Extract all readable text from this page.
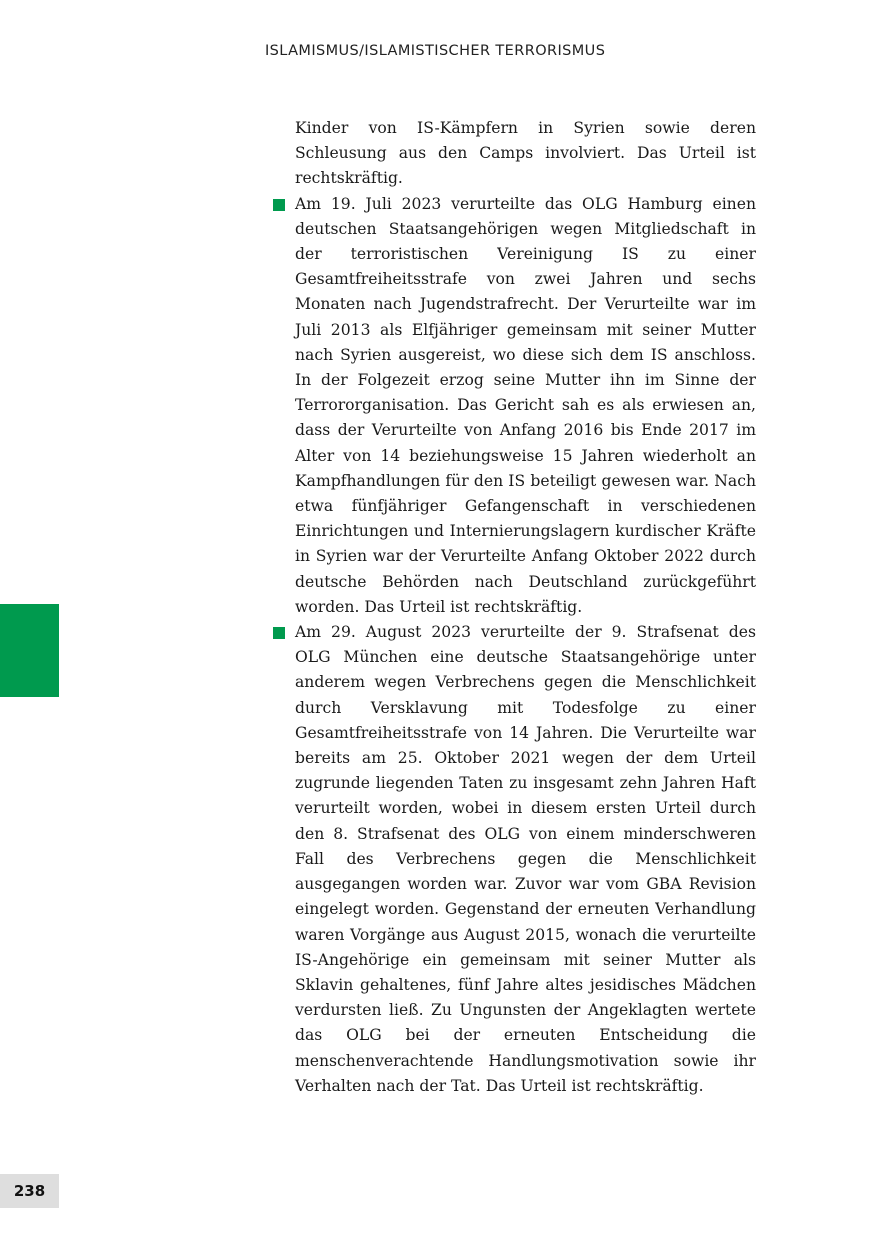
ISLAMISMUS/ISLAMISTISCHER TERRORISMUS

Kinder von IS-Kämpfern in Syrien sowie deren Schleusung aus den Camps involviert. Das Urteil ist rechtskräftig.

Am 19. Juli 2023 verurteilte das OLG Hamburg einen deutschen Staatsangehörigen wegen Mitgliedschaft in der terroristischen Vereinigung IS zu einer Gesamtfreiheitsstrafe von zwei Jahren und sechs Monaten nach Jugendstrafrecht. Der Verurteilte war im Juli 2013 als Elfjähriger gemeinsam mit seiner Mutter nach Syrien ausgereist, wo diese sich dem IS anschloss. In der Folgezeit erzog seine Mutter ihn im Sinne der Terrororganisation. Das Gericht sah es als erwiesen an, dass der Verurteilte von Anfang 2016 bis Ende 2017 im Alter von 14 beziehungsweise 15 Jahren wiederholt an Kampfhandlungen für den IS beteiligt gewesen war. Nach etwa fünfjähriger Gefangenschaft in verschiedenen Einrichtungen und Internierungslagern kurdischer Kräfte in Syrien war der Verurteilte Anfang Oktober 2022 durch deutsche Behörden nach Deutschland zurückgeführt worden. Das Urteil ist rechtskräftig.
Am 29. August 2023 verurteilte der 9. Strafsenat des OLG München eine deutsche Staatsangehörige unter anderem wegen Verbrechens gegen die Menschlichkeit durch Versklavung mit Todesfolge zu einer Gesamtfreiheitsstrafe von 14 Jahren. Die Verurteilte war bereits am 25. Oktober 2021 wegen der dem Urteil zugrunde liegenden Taten zu insgesamt zehn Jahren Haft verurteilt worden, wobei in diesem ersten Urteil durch den 8. Strafsenat des OLG von einem minderschweren Fall des Verbrechens gegen die Menschlichkeit ausgegangen worden war. Zuvor war vom GBA Revision eingelegt worden. Gegenstand der erneuten Verhandlung waren Vorgänge aus August 2015, wonach die verurteilte IS-Angehörige ein gemeinsam mit seiner Mutter als Sklavin gehaltenes, fünf Jahre altes jesidisches Mädchen verdursten ließ. Zu Ungunsten der Angeklagten wertete das OLG bei der erneuten Entscheidung die menschenverachtende Handlungsmotivation sowie ihr Verhalten nach der Tat. Das Urteil ist rechtskräftig.
238
